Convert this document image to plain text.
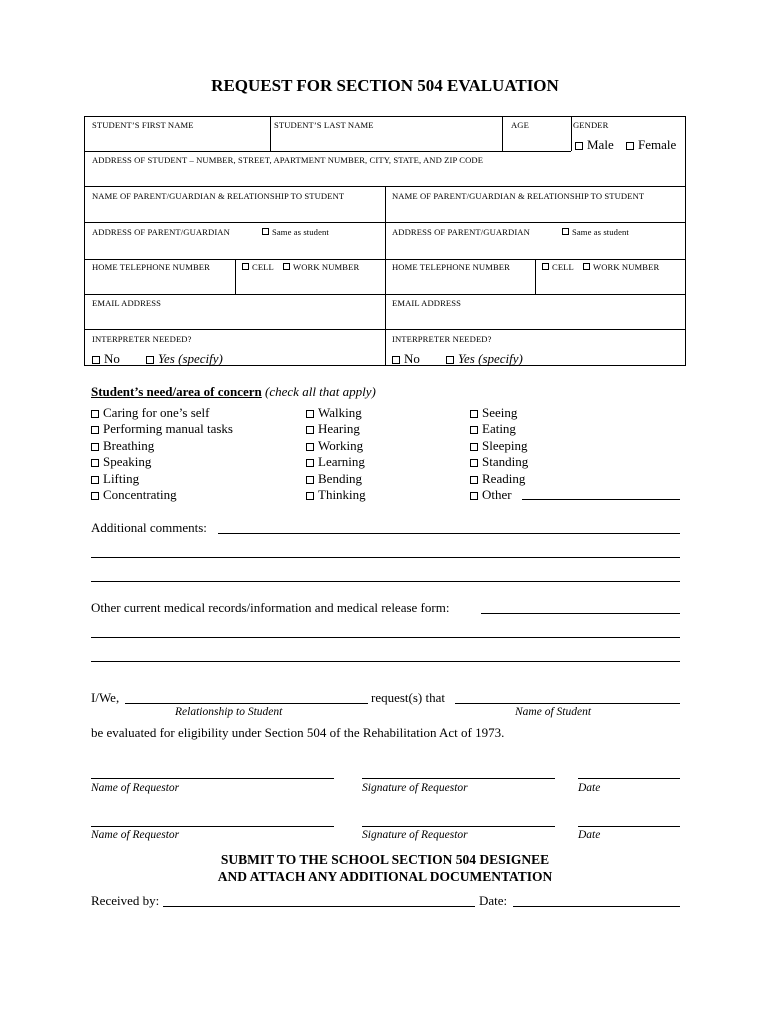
REQUEST FOR SECTION 504 EVALUATION
STUDENT’S FIRST NAME	STUDENT’S LAST NAME	AGE	GENDER
Male	Female
ADDRESS OF STUDENT – NUMBER, STREET, APARTMENT NUMBER, CITY, STATE, AND ZIP CODE
NAME OF PARENT/GUARDIAN & RELATIONSHIP TO STUDENT	NAME OF PARENT/GUARDIAN & RELATIONSHIP TO STUDENT
ADDRESS OF PARENT/GUARDIAN	Same as student	ADDRESS OF PARENT/GUARDIAN	Same as student
HOME TELEPHONE NUMBER	CELL	WORK NUMBER	HOME TELEPHONE NUMBER	CELL	WORK NUMBER
EMAIL ADDRESS	EMAIL ADDRESS
INTERPRETER NEEDED?	INTERPRETER NEEDED?
No	Yes (specify)	No	Yes (specify)
Student’s need/area of concern (check all that apply)
Caring for one’s self
Performing manual tasks
Breathing
Speaking
Lifting
Concentrating
Walking
Hearing
Working
Learning
Bending
Thinking
Seeing
Eating
Sleeping
Standing
Reading
Other
Additional comments:
Other current medical records/information and medical release form:
I/We,	request(s) that
Relationship to Student	Name of Student
be evaluated for eligibility under Section 504 of the Rehabilitation Act of 1973.
Name of Requestor	Signature of Requestor	Date
Name of Requestor	Signature of Requestor	Date
SUBMIT TO THE SCHOOL SECTION 504 DESIGNEE
AND ATTACH ANY ADDITIONAL DOCUMENTATION
Received by:	Date:
